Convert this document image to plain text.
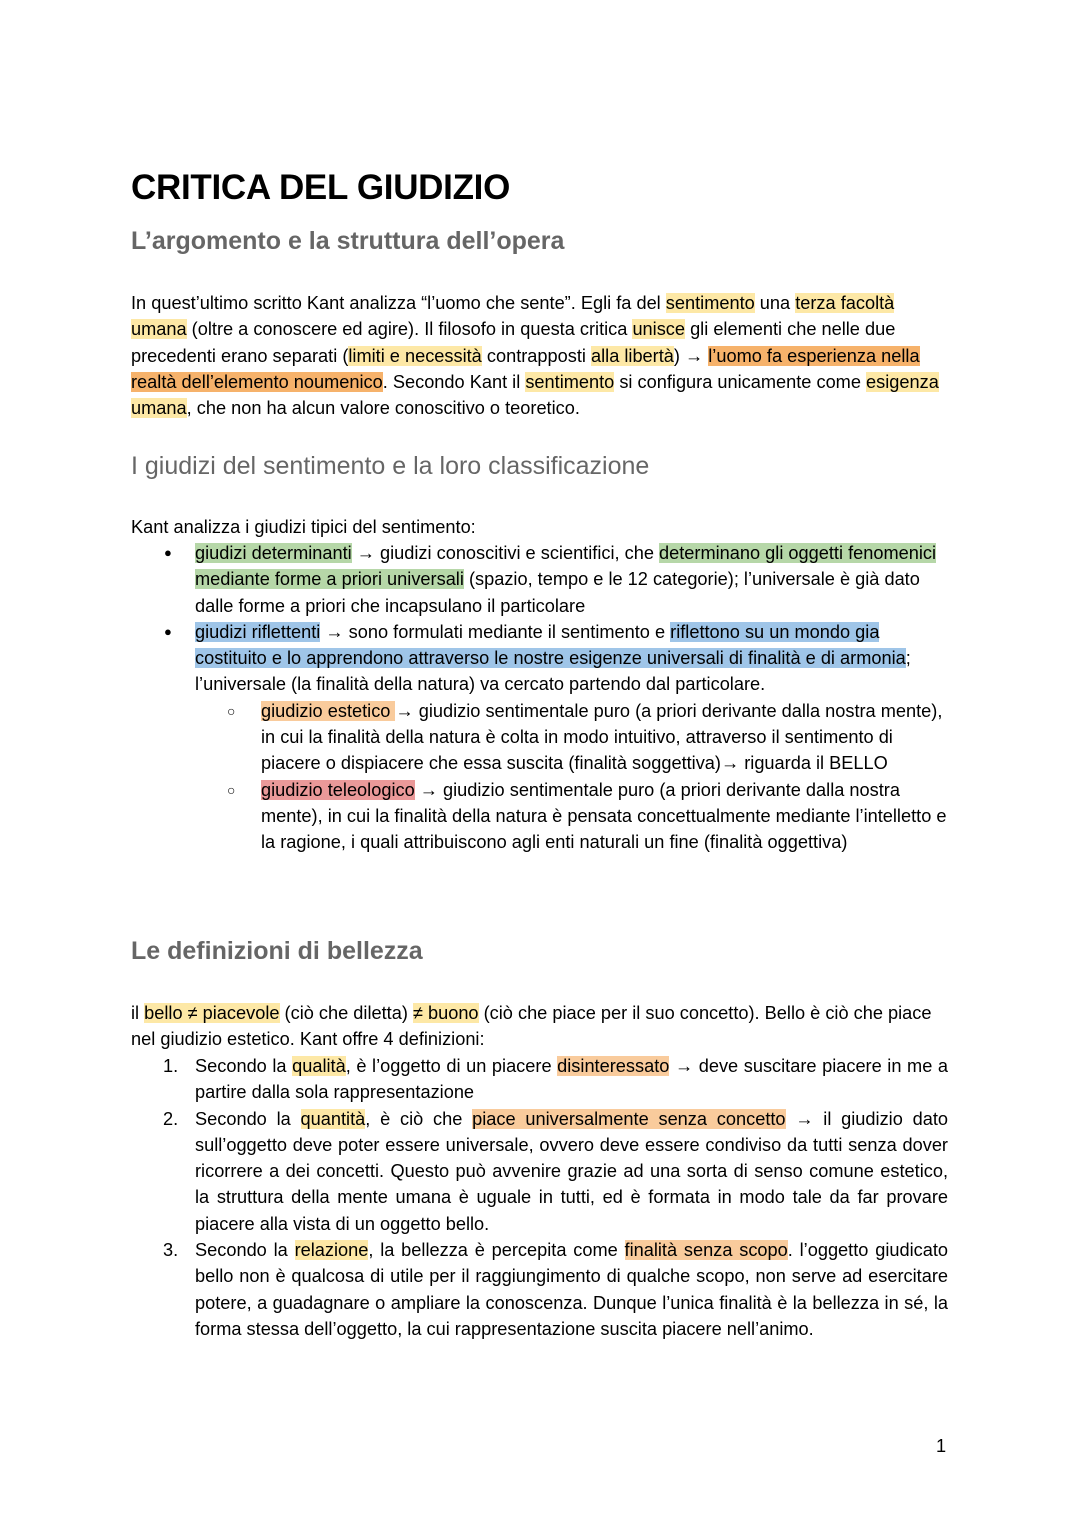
CRITICA DEL GIUDIZIO
L’argomento e la struttura dell’opera

In quest’ultimo scritto Kant analizza “l’uomo che sente”. Egli fa del sentimento una terza facoltà umana (oltre a conoscere ed agire). Il filosofo in questa critica unisce gli elementi che nelle due precedenti erano separati (limiti e necessità contrapposti alla libertà) → l’uomo fa esperienza nella realtà dell’elemento noumenico. Secondo Kant il sentimento si configura unicamente come esigenza umana, che non ha alcun valore conoscitivo o teoretico.

I giudizi del sentimento e la loro classificazione

Kant analizza i giudizi tipici del sentimento:

● giudizi determinanti → giudizi conoscitivi e scientifici, che determinano gli oggetti fenomenici mediante forme a priori universali (spazio, tempo e le 12 categorie); l’universale è già dato dalle forme a priori che incapsulano il particolare
● giudizi riflettenti → sono formulati mediante il sentimento e riflettono su un mondo gia costituito e lo apprendono attraverso le nostre esigenze universali di finalità e di armonia; l’universale (la finalità della natura) va cercato partendo dal particolare.
○ giudizio estetico → giudizio sentimentale puro (a priori derivante dalla nostra mente), in cui la finalità della natura è colta in modo intuitivo, attraverso il sentimento di piacere o dispiacere che essa suscita (finalità soggettiva)→ riguarda il BELLO
○ giudizio teleologico → giudizio sentimentale puro (a priori derivante dalla nostra mente), in cui la finalità della natura è pensata concettualmente mediante l’intelletto e la ragione, i quali attribuiscono agli enti naturali un fine (finalità oggettiva)
Le definizioni di bellezza

il bello ≠ piacevole (ciò che diletta) ≠ buono (ciò che piace per il suo concetto). Bello è ciò che piace nel giudizio estetico. Kant offre 4 definizioni:

1. Secondo la qualità, è l’oggetto di un piacere disinteressato → deve suscitare piacere in me a partire dalla sola rappresentazione
2. Secondo la quantità, è ciò che piace universalmente senza concetto → il giudizio dato sull’oggetto deve poter essere universale, ovvero deve essere condiviso da tutti senza dover ricorrere a dei concetti. Questo può avvenire grazie ad una sorta di senso comune estetico, la struttura della mente umana è uguale in tutti, ed è formata in modo tale da far provare piacere alla vista di un oggetto bello.
3. Secondo la relazione, la bellezza è percepita come finalità senza scopo. l’oggetto giudicato bello non è qualcosa di utile per il raggiungimento di qualche scopo, non serve ad esercitare potere, a guadagnare o ampliare la conoscenza. Dunque l’unica finalità è la bellezza in sé, la forma stessa dell’oggetto, la cui rappresentazione suscita piacere nell’animo.
1
